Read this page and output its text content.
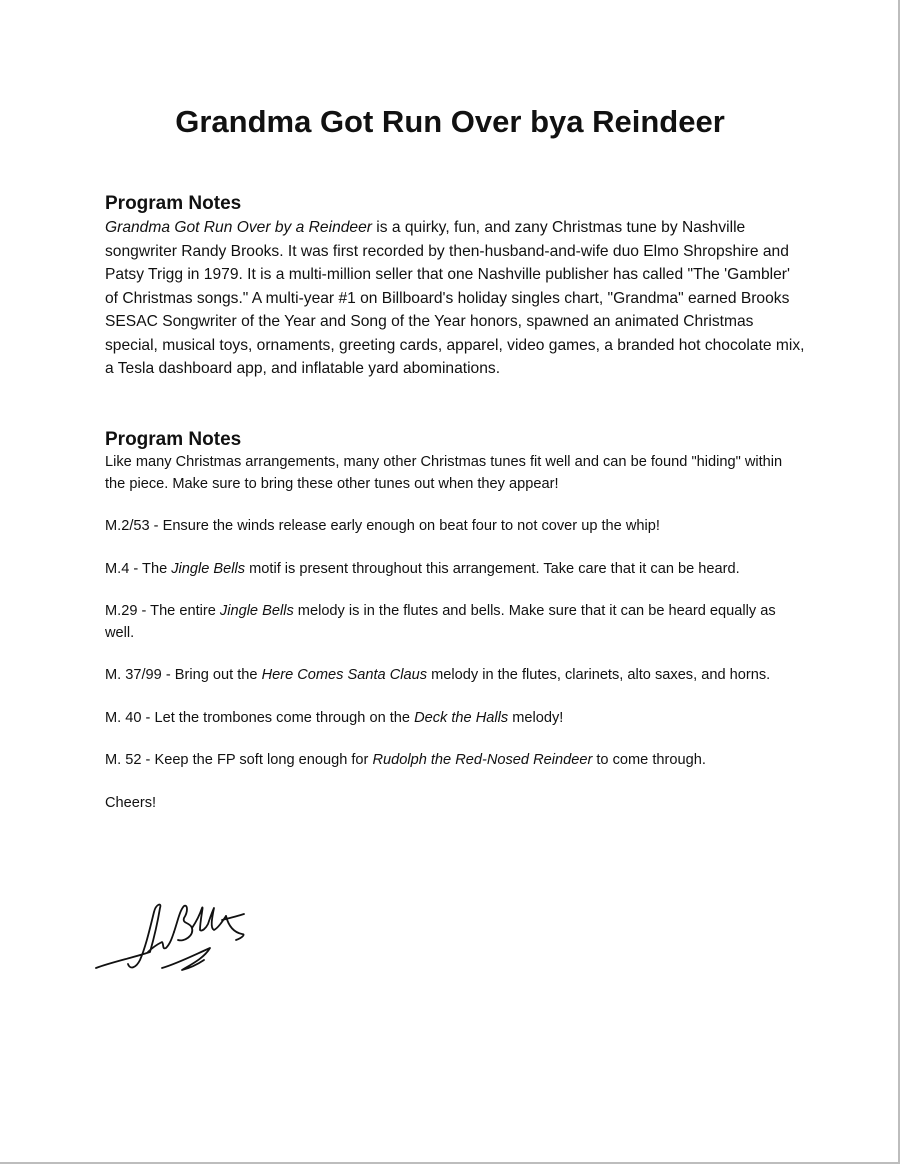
Grandma Got Run Over bya Reindeer
Program Notes

Grandma Got Run Over by a Reindeer is a quirky, fun, and zany Christmas tune by Nashville songwriter Randy Brooks. It was first recorded by then-husband-and-wife duo Elmo Shropshire and Patsy Trigg in 1979. It is a multi-million seller that one Nashville publisher has called "The 'Gambler' of Christmas songs." A multi-year #1 on Billboard's holiday singles chart, "Grandma" earned Brooks SESAC Songwriter of the Year and Song of the Year honors, spawned an animated Christmas special, musical toys, ornaments, greeting cards, apparel, video games, a branded hot chocolate mix, a Tesla dashboard app, and inflatable yard abominations.

Program Notes

Like many Christmas arrangements, many other Christmas tunes fit well and can be found "hiding" within the piece. Make sure to bring these other tunes out when they appear!

M.2/53 - Ensure the winds release early enough on beat four to not cover up the whip!

M.4 - The Jingle Bells motif is present throughout this arrangement. Take care that it can be heard.

M.29 - The entire Jingle Bells melody is in the flutes and bells. Make sure that it can be heard equally as well.

M. 37/99 - Bring out the Here Comes Santa Claus melody in the flutes, clarinets, alto saxes, and horns.

M. 40 - Let the trombones come through on the Deck the Halls melody!

M. 52 - Keep the FP soft long enough for Rudolph the Red-Nosed Reindeer to come through.

Cheers!
